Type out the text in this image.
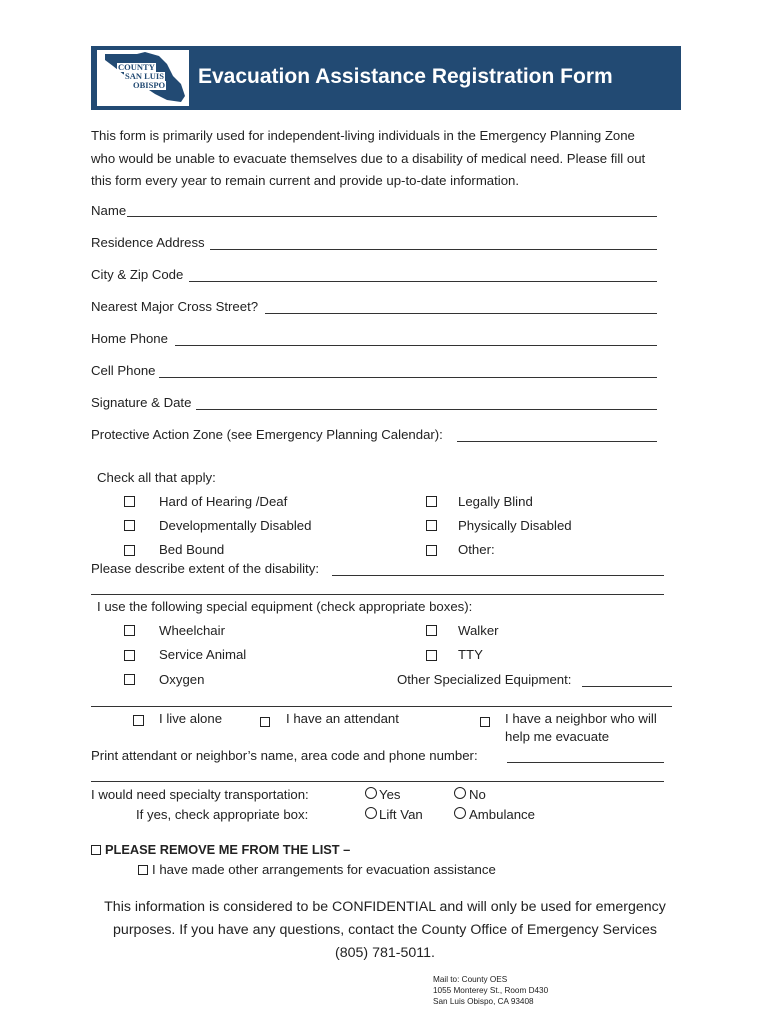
COUNTY
of SAN LUIS
OBISPO Evacuation Assistance Registration Form
This form is primarily used for independent-living individuals in the Emergency Planning Zone
who would be unable to evacuate themselves due to a disability of medical need. Please fill out
this form every year to remain current and provide up-to-date information.
Name
Residence Address
City & Zip Code
Nearest Major Cross Street?
Home Phone
Cell Phone
Signature & Date
Protective Action Zone (see Emergency Planning Calendar):
Check all that apply:
Hard of Hearing /Deaf	Legally Blind
Developmentally Disabled	Physically Disabled
Bed Bound	Other:
Please describe extent of the disability:
I use the following special equipment (check appropriate boxes):
Wheelchair	Walker
Service Animal	TTY
Oxygen	Other Specialized Equipment:
I live alone	I have an attendant	I have a neighbor who will
help me evacuate
Print attendant or neighbor’s name, area code and phone number:
I would need specialty transportation:	Yes	No
If yes, check appropriate box:	Lift Van	Ambulance
PLEASE REMOVE ME FROM THE LIST –
I have made other arrangements for evacuation assistance
This information is considered to be CONFIDENTIAL and will only be used for emergency
purposes. If you have any questions, contact the County Office of Emergency Services
(805) 781-5011.
Mail to: County OES
1055 Monterey St., Room D430
San Luis Obispo, CA 93408
